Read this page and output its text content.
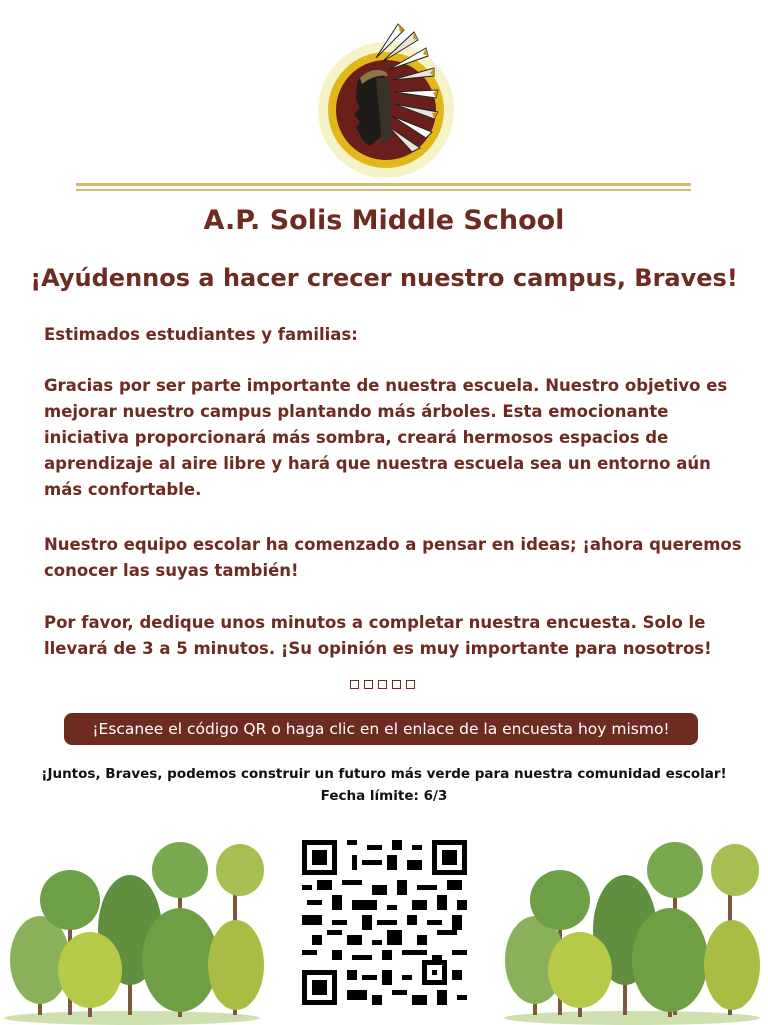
A.P. Solis Middle School
¡Ayúdennos a hacer crecer nuestro campus, Braves!

Estimados estudiantes y familias:

Gracias por ser parte importante de nuestra escuela. Nuestro objetivo es mejorar nuestro campus plantando más árboles. Esta emocionante iniciativa proporcionará más sombra, creará hermosos espacios de aprendizaje al aire libre y hará que nuestra escuela sea un entorno aún más confortable.

Nuestro equipo escolar ha comenzado a pensar en ideas; ¡ahora queremos conocer las suyas también!

Por favor, dedique unos minutos a completar nuestra encuesta. Solo le llevará de 3 a 5 minutos. ¡Su opinión es muy importante para nosotros!

¡Escanee el código QR o haga clic en el enlace de la encuesta hoy mismo!
¡Juntos, Braves, podemos construir un futuro más verde para nuestra comunidad escolar!
Fecha límite: 6/3
